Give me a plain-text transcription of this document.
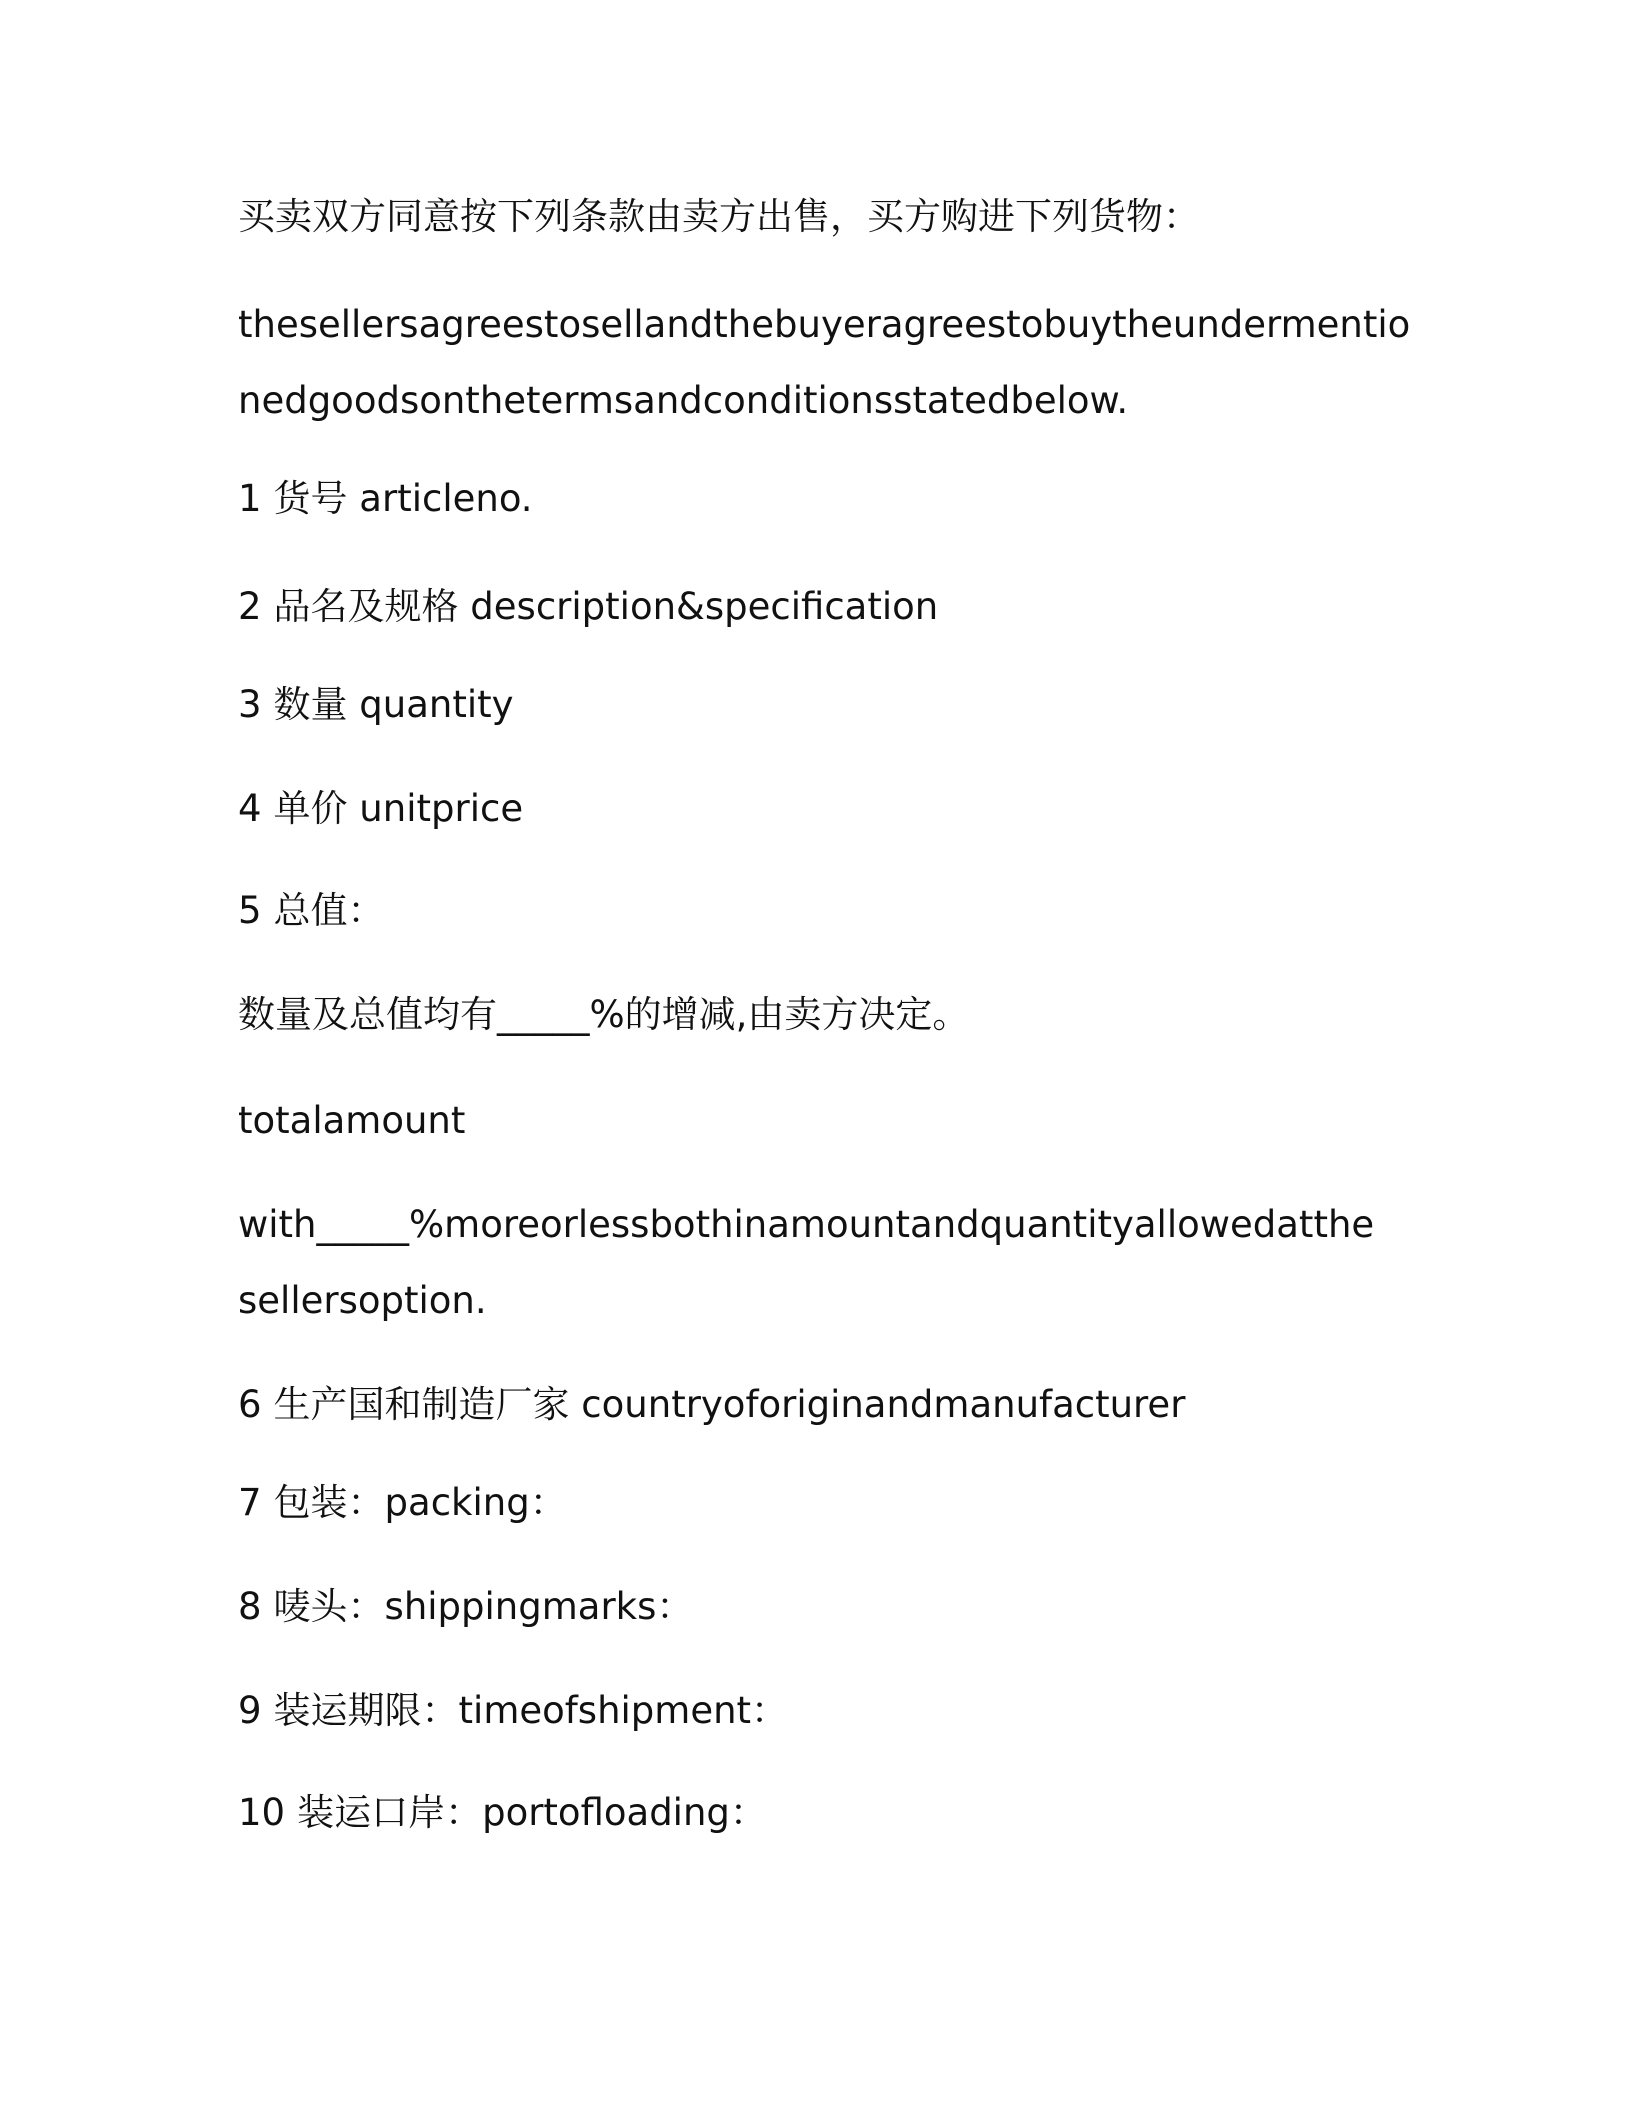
买卖双方同意按下列条款由卖方出售，买方购进下列货物：
thesellersagreestosellandthebuyeragreestobuytheundermentio
nedgoodsonthetermsandconditionsstatedbelow.
1 货号 articleno.
2 品名及规格 description&specification
3 数量 quantity
4 单价 unitprice
5 总值：
数量及总值均有_____%的增减,由卖方决定。
totalamount
with_____%moreorlessbothinamountandquantityallowedatthe
sellersoption.
6 生产国和制造厂家 countryoforiginandmanufacturer
7 包装：packing：
8 唛头：shippingmarks：
9 装运期限：timeofshipment：
10 装运口岸：portofloading：
